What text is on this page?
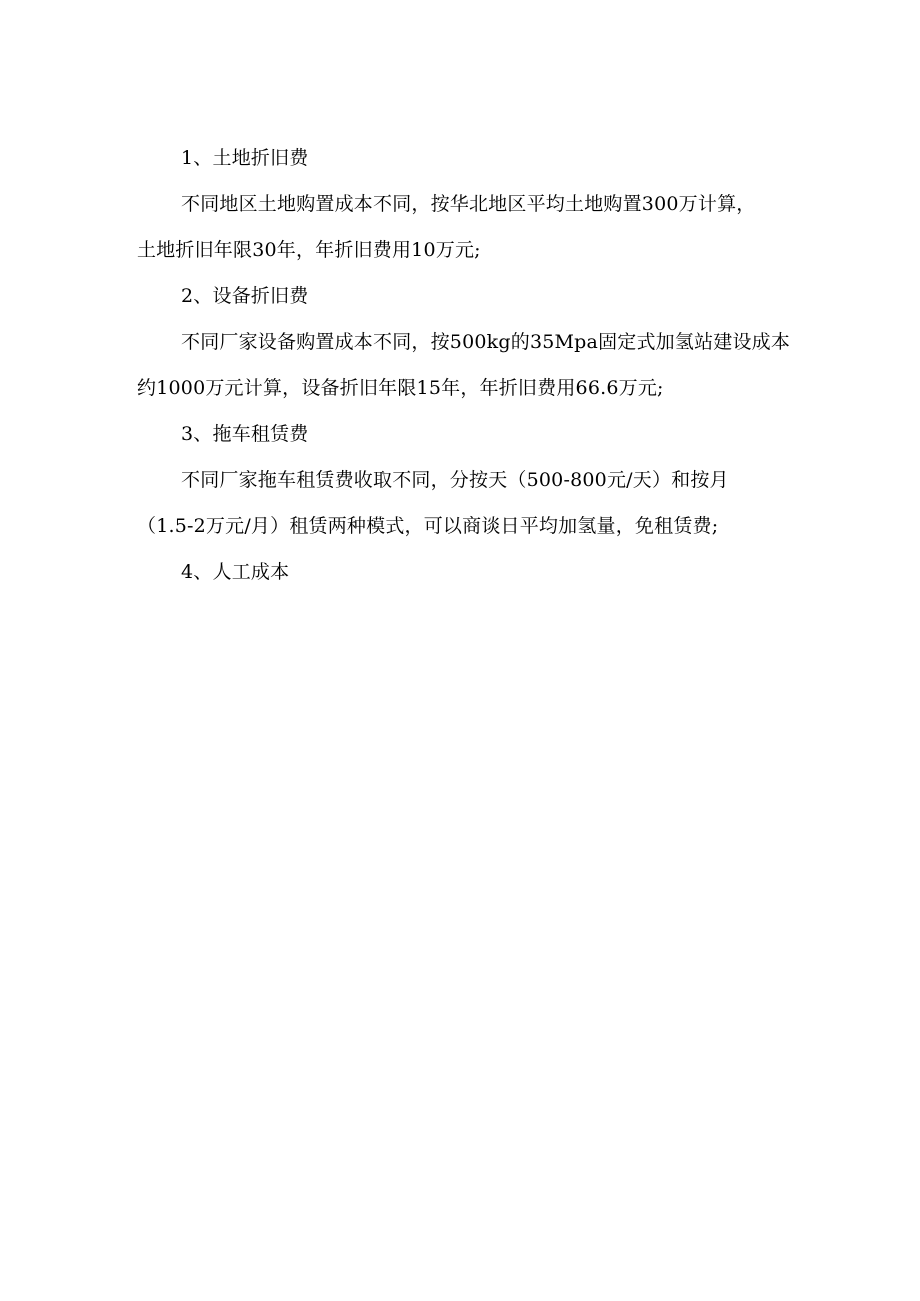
1、土地折旧费
不同地区土地购置成本不同，按华北地区平均土地购置300万计算，
土地折旧年限30年，年折旧费用10万元;
2、设备折旧费
不同厂家设备购置成本不同，按500kg的35Mpa固定式加氢站建设成本
约1000万元计算，设备折旧年限15年，年折旧费用66.6万元;
3、拖车租赁费
不同厂家拖车租赁费收取不同，分按天（500-800元/天）和按月
（1.5-2万元/月）租赁两种模式，可以商谈日平均加氢量，免租赁费;
4、人工成本
